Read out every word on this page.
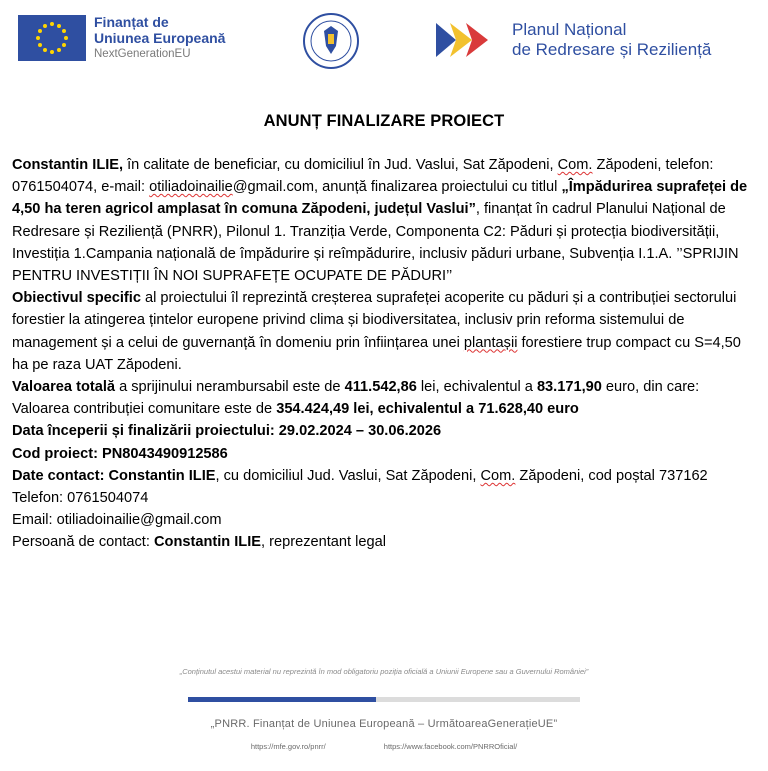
Finanțat de
Uniunea Europeană
NextGenerationEU
Planul Național
de Redresare și Reziliență
ANUNȚ FINALIZARE PROIECT

Constantin ILIE, în calitate de beneficiar, cu domiciliul în Jud. Vaslui, Sat Zăpodeni, Com. Zăpodeni, telefon: 0761504074, e-mail: otiliadoinailie@gmail.com, anunță finalizarea proiectului cu titlul „Împădurirea suprafeței de 4,50 ha teren agricol amplasat în comuna Zăpodeni, județul Vaslui”, finanțat în cadrul Planului Național de Redresare și Reziliență (PNRR), Pilonul 1. Tranziția Verde, Componenta C2: Păduri și protecția biodiversității, Investiția 1.Campania națională de împădurire și reîmpădurire, inclusiv păduri urbane, Subvenția I.1.A. ’’SPRIJIN PENTRU INVESTIȚII ÎN NOI SUPRAFEȚE OCUPATE DE PĂDURI’’

Obiectivul specific al proiectului îl reprezintă creșterea suprafeței acoperite cu păduri și a contribuției sectorului forestier la atingerea țintelor europene privind clima și biodiversitatea, inclusiv prin reforma sistemului de management și a celui de guvernanță în domeniu prin înființarea unei plantașii forestiere trup compact cu S=4,50 ha pe raza UAT Zăpodeni.

Valoarea totală a sprijinului nerambursabil este de 411.542,86 lei, echivalentul a 83.171,90 euro, din care:

Valoarea contribuției comunitare este de 354.424,49 lei, echivalentul a 71.628,40 euro

Data începerii și finalizării proiectului: 29.02.2024 – 30.06.2026

Cod proiect: PN8043490912586

Date contact: Constantin ILIE, cu domiciliul Jud. Vaslui, Sat Zăpodeni, Com. Zăpodeni, cod poștal 737162

Telefon: 0761504074

Email: otiliadoinailie@gmail.com

Persoană de contact: Constantin ILIE, reprezentant legal

„Conținutul acestui material nu reprezintă în mod obligatoriu poziția oficială a Uniunii Europene sau a Guvernului României”
„PNRR. Finanțat de Uniunea Europeană – UrmătoareaGenerațieUE”
https://mfe.gov.ro/pnrr/	https://www.facebook.com/PNRROficial/
